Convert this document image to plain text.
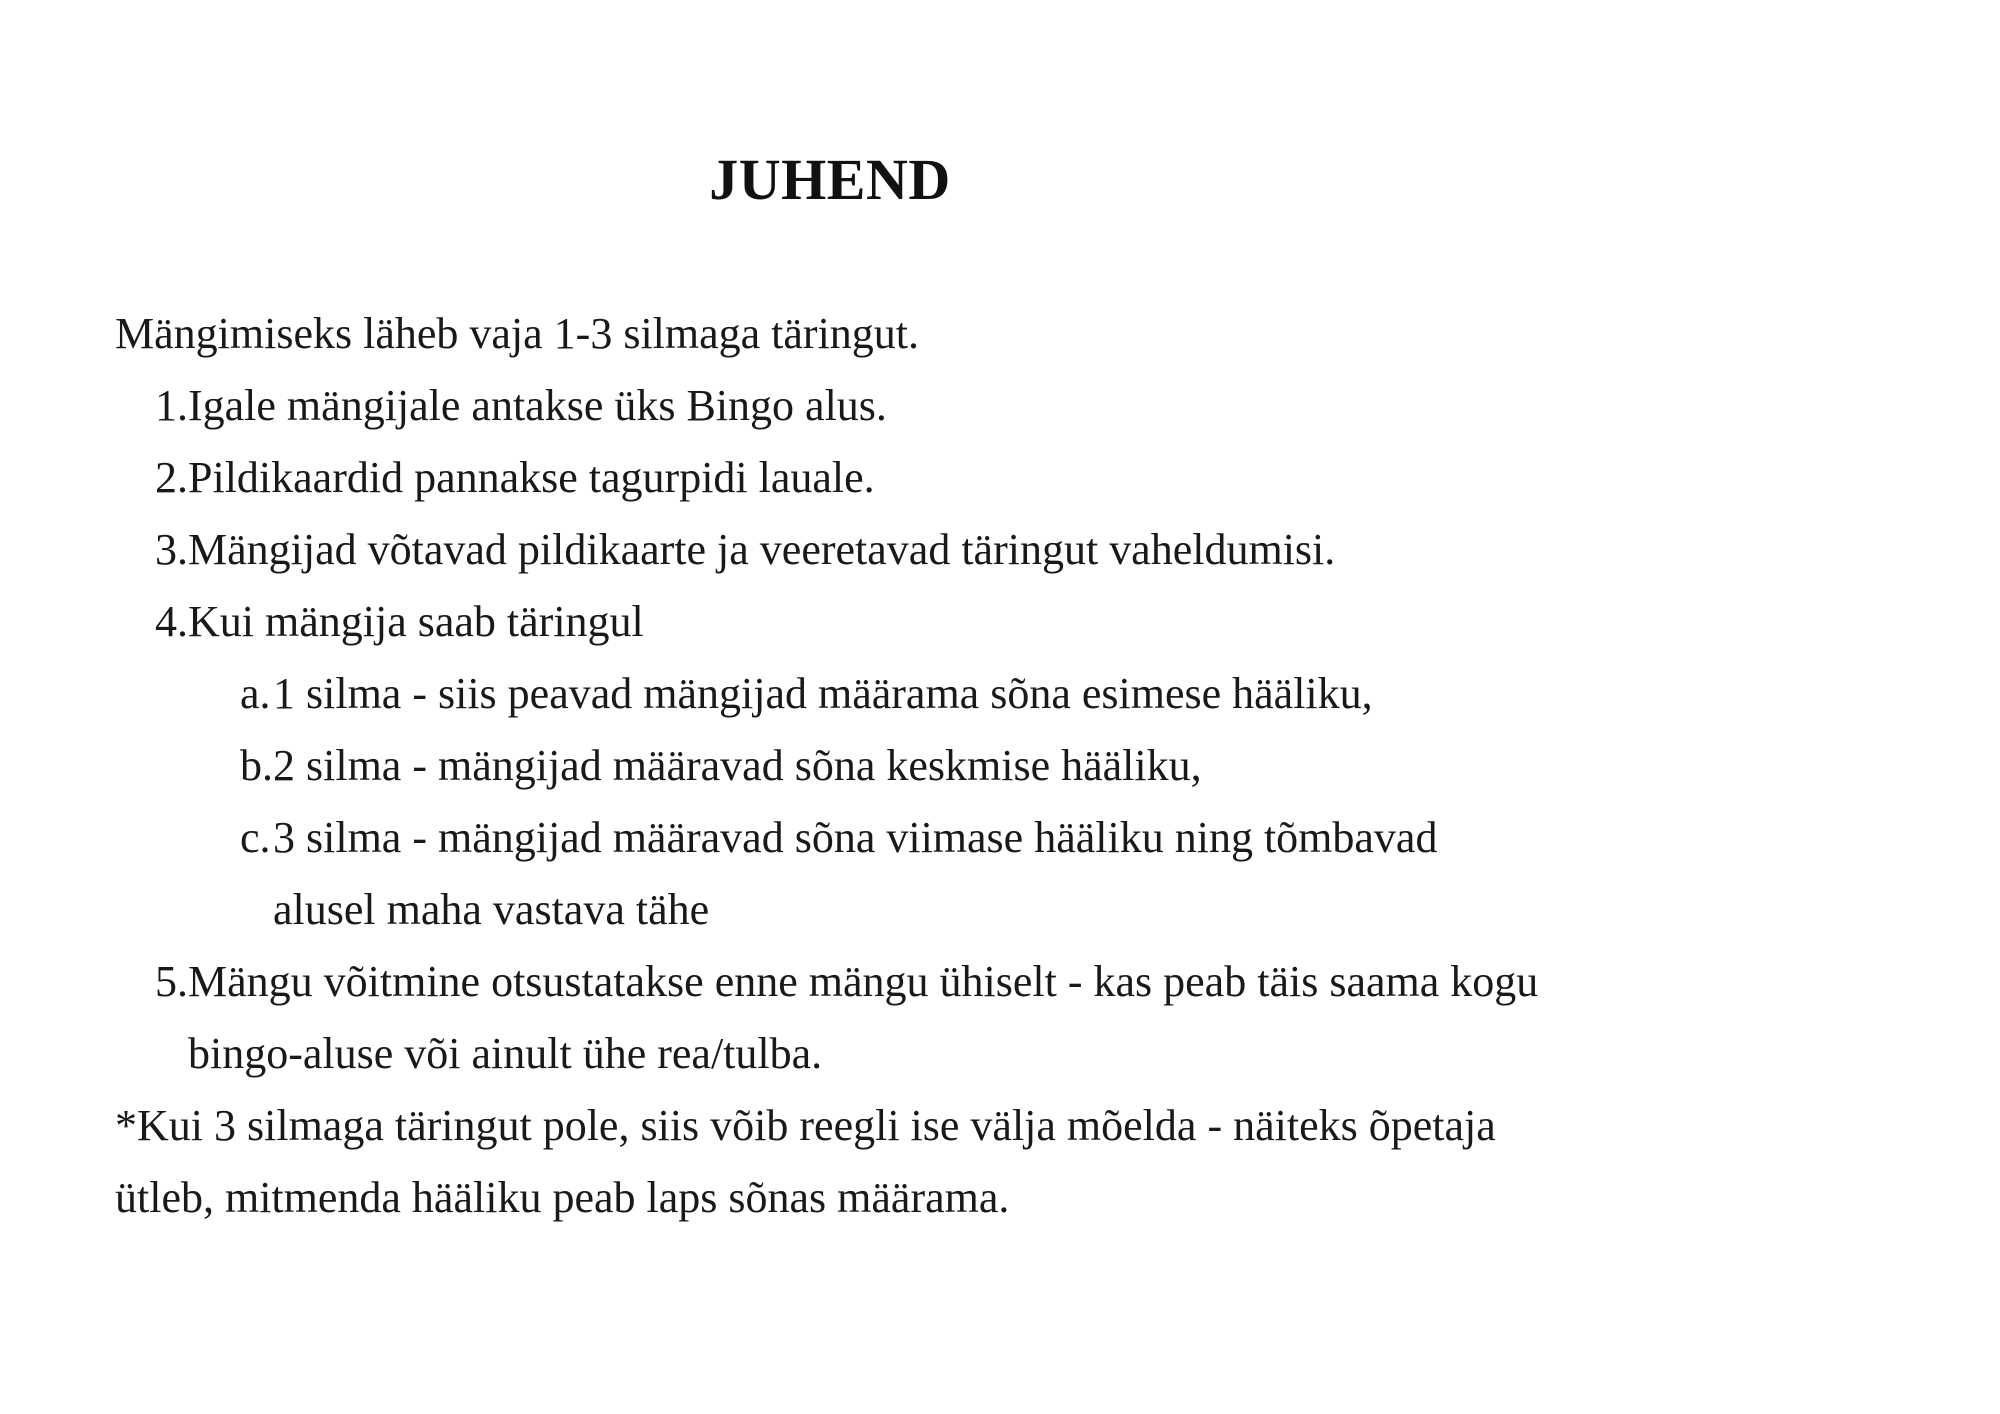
JUHEND

Mängimiseks läheb vaja 1-3 silmaga täringut.

1. Igale mängijale antakse üks Bingo alus.
2. Pildikaardid pannakse tagurpidi lauale.
3. Mängijad võtavad pildikaarte ja veeretavad täringut vaheldumisi.
4. Kui mängija saab täringul
a. 1 silma - siis peavad mängijad määrama sõna esimese hääliku,
b. 2 silma - mängijad määravad sõna keskmise hääliku,
c. 3 silma - mängijad määravad sõna viimase hääliku ning tõmbavad alusel maha vastava tähe
5. Mängu võitmine otsustatakse enne mängu ühiselt - kas peab täis saama kogu bingo-aluse või ainult ühe rea/tulba.

*Kui 3 silmaga täringut pole, siis võib reegli ise välja mõelda - näiteks õpetaja ütleb, mitmenda hääliku peab laps sõnas määrama.
